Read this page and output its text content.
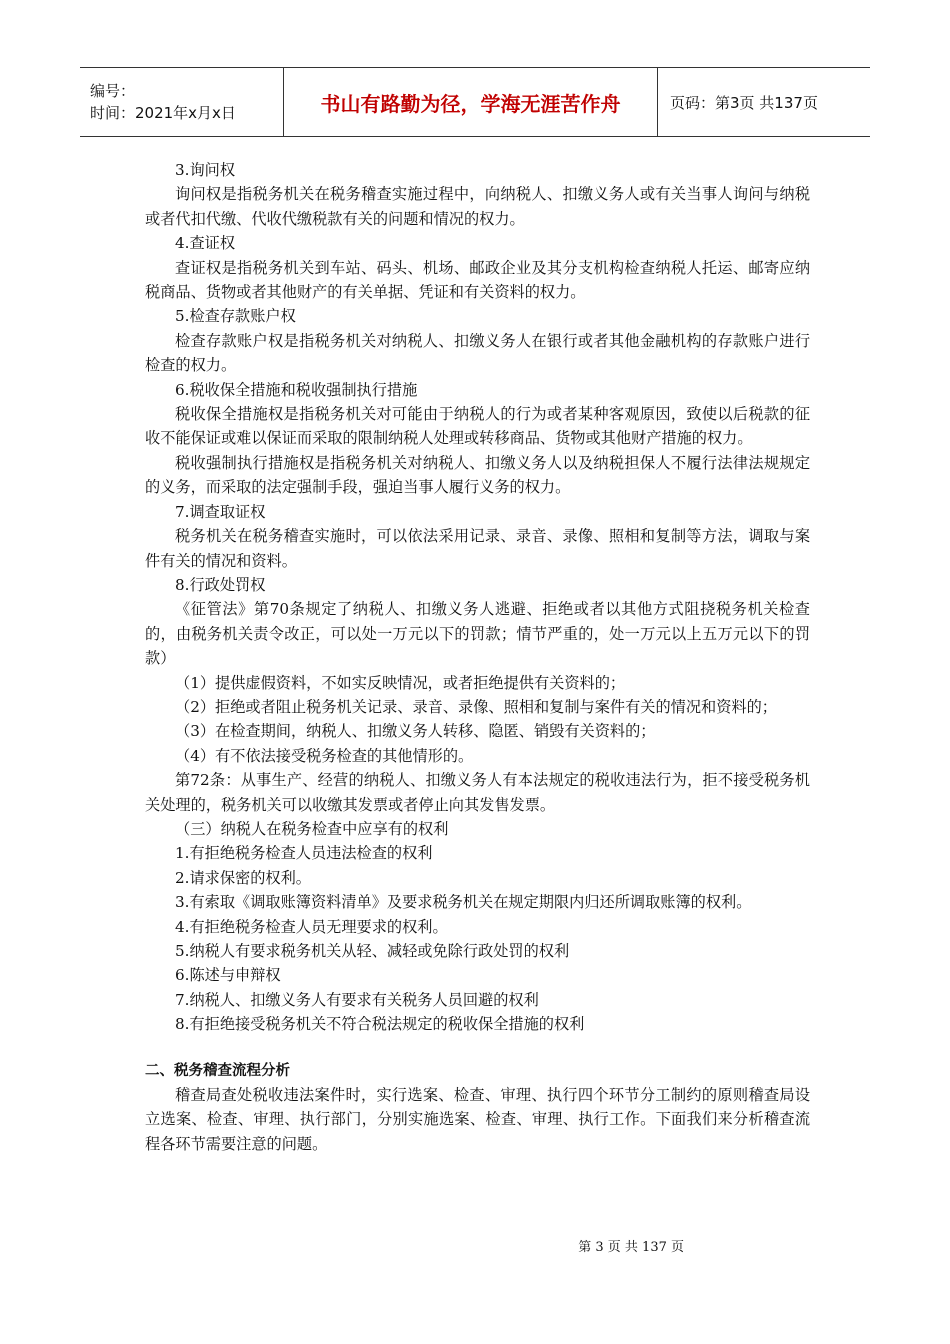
编号：
时间：2021年x月x日	书山有路勤为径，学海无涯苦作舟	页码：第3页 共137页

3.询问权

询问权是指税务机关在税务稽查实施过程中，向纳税人、扣缴义务人或有关当事人询问与纳税或者代扣代缴、代收代缴税款有关的问题和情况的权力。

4.查证权

查证权是指税务机关到车站、码头、机场、邮政企业及其分支机构检查纳税人托运、邮寄应纳税商品、货物或者其他财产的有关单据、凭证和有关资料的权力。

5.检查存款账户权

检查存款账户权是指税务机关对纳税人、扣缴义务人在银行或者其他金融机构的存款账户进行检查的权力。

6.税收保全措施和税收强制执行措施

税收保全措施权是指税务机关对可能由于纳税人的行为或者某种客观原因，致使以后税款的征收不能保证或难以保证而采取的限制纳税人处理或转移商品、货物或其他财产措施的权力。

税收强制执行措施权是指税务机关对纳税人、扣缴义务人以及纳税担保人不履行法律法规规定的义务，而采取的法定强制手段，强迫当事人履行义务的权力。

7.调查取证权

税务机关在税务稽查实施时，可以依法采用记录、录音、录像、照相和复制等方法，调取与案件有关的情况和资料。

8.行政处罚权

《征管法》第70条规定了纳税人、扣缴义务人逃避、拒绝或者以其他方式阻挠税务机关检查的，由税务机关责令改正，可以处一万元以下的罚款；情节严重的，处一万元以上五万元以下的罚款）

（1）提供虚假资料，不如实反映情况，或者拒绝提供有关资料的；

（2）拒绝或者阻止税务机关记录、录音、录像、照相和复制与案件有关的情况和资料的；

（3）在检查期间，纳税人、扣缴义务人转移、隐匿、销毁有关资料的；

（4）有不依法接受税务检查的其他情形的。

第72条：从事生产、经营的纳税人、扣缴义务人有本法规定的税收违法行为，拒不接受税务机关处理的，税务机关可以收缴其发票或者停止向其发售发票。

（三）纳税人在税务检查中应享有的权利

1.有拒绝税务检查人员违法检查的权利

2.请求保密的权利。

3.有索取《调取账簿资料清单》及要求税务机关在规定期限内归还所调取账簿的权利。

4.有拒绝税务检查人员无理要求的权利。

5.纳税人有要求税务机关从轻、减轻或免除行政处罚的权利

6.陈述与申辩权

7.纳税人、扣缴义务人有要求有关税务人员回避的权利

8.有拒绝接受税务机关不符合税法规定的税收保全措施的权利

二、税务稽查流程分析

稽查局查处税收违法案件时，实行选案、检查、审理、执行四个环节分工制约的原则稽查局设立选案、检查、审理、执行部门，分别实施选案、检查、审理、执行工作。下面我们来分析稽查流程各环节需要注意的问题。

第 3 页 共 137 页
